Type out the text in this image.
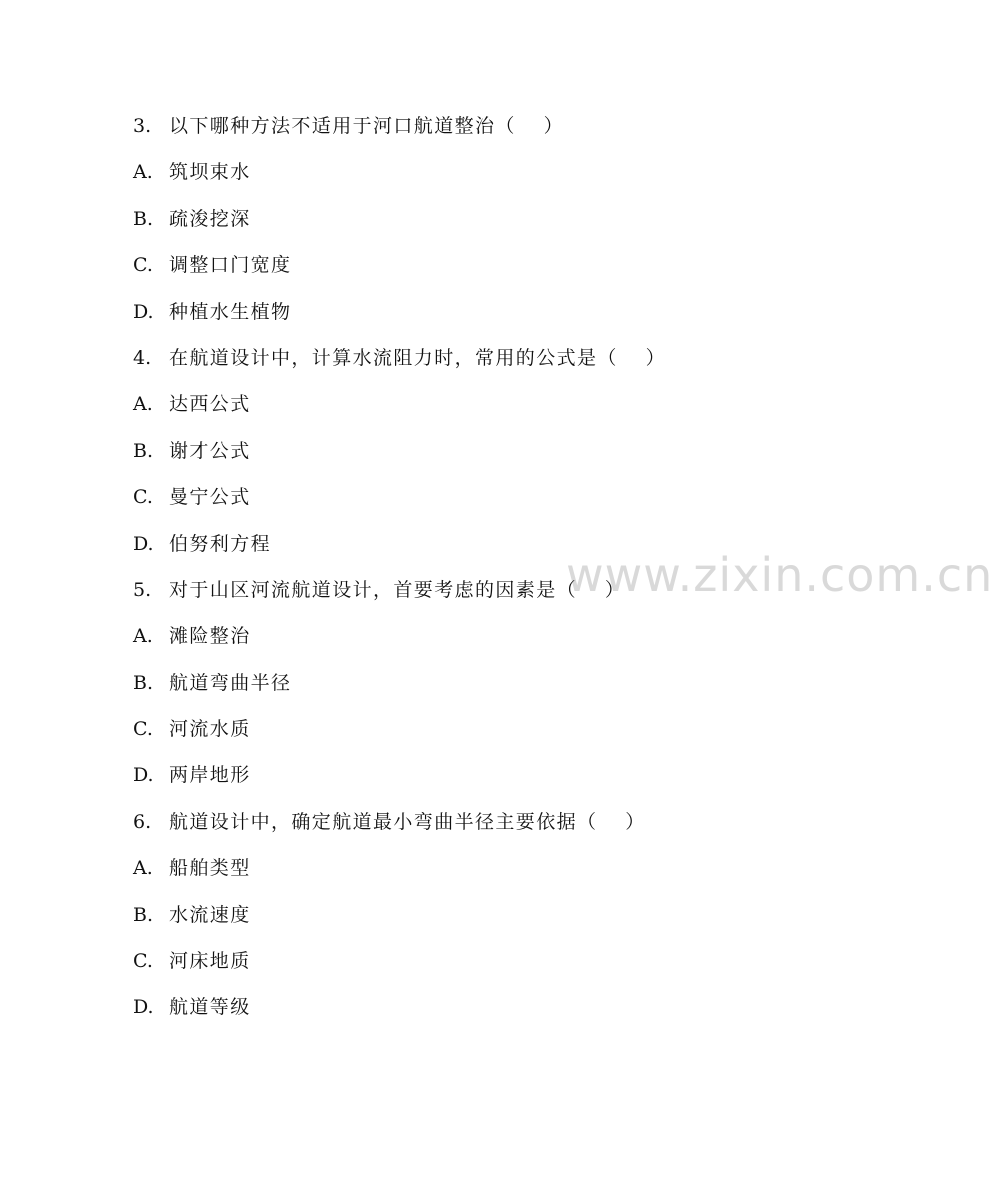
www.zixin.com.cn
3. 以下哪种方法不适用于河口航道整治（　 ）
A. 筑坝束水
B. 疏浚挖深
C. 调整口门宽度
D. 种植水生植物
4. 在航道设计中，计算水流阻力时，常用的公式是（　 ）
A. 达西公式
B. 谢才公式
C. 曼宁公式
D. 伯努利方程
5. 对于山区河流航道设计，首要考虑的因素是（　 ）
A. 滩险整治
B. 航道弯曲半径
C. 河流水质
D. 两岸地形
6. 航道设计中，确定航道最小弯曲半径主要依据（　 ）
A. 船舶类型
B. 水流速度
C. 河床地质
D. 航道等级
